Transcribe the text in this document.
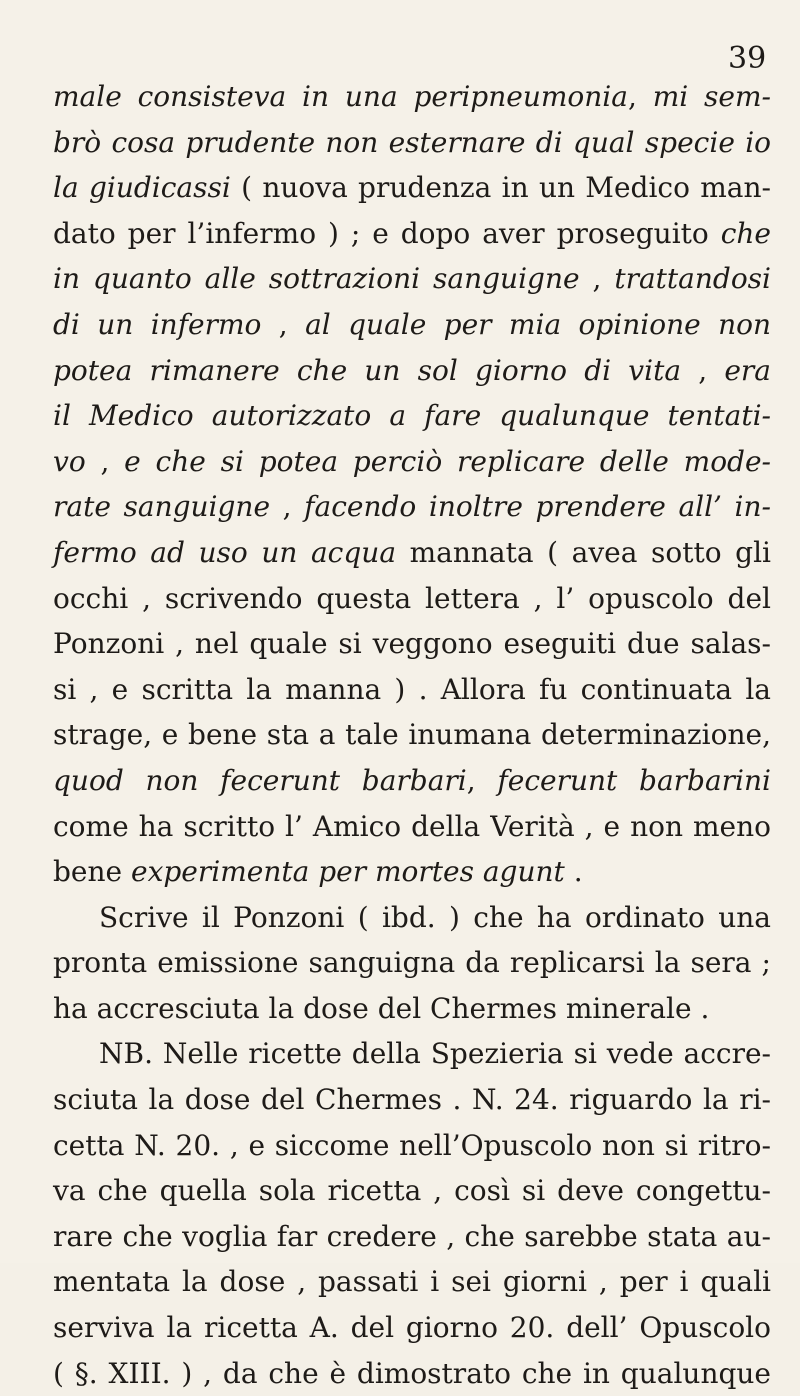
39
male consisteva in una peripneumonia, mi sem-
brò cosa prudente non esternare di qual specie io
la giudicassi ( nuova prudenza in un Medico man-
dato per l’infermo ) ; e dopo aver proseguito che
in quanto alle sottrazioni sanguigne , trattandosi
di un infermo , al quale per mia opinione non
potea rimanere che un sol giorno di vita , era
il Medico autorizzato a fare qualunque tentati-
vo , e che si potea perciò replicare delle mode-
rate sanguigne , facendo inoltre prendere all’ in-
fermo ad uso un acqua mannata ( avea sotto gli
occhi , scrivendo questa lettera , l’ opuscolo del
Ponzoni , nel quale si veggono eseguiti due salas-
si , e scritta la manna ) . Allora fu continuata la
strage, e bene sta a tale inumana determinazione,
quod non fecerunt barbari, fecerunt barbarini
come ha scritto l’ Amico della Verità , e non meno
bene experimenta per mortes agunt .
Scrive il Ponzoni ( ibd. ) che ha ordinato una
pronta emissione sanguigna da replicarsi la sera ;
ha accresciuta la dose del Chermes minerale .
NB. Nelle ricette della Spezieria si vede accre-
sciuta la dose del Chermes . N. 24. riguardo la ri-
cetta N. 20. , e siccome nell’Opuscolo non si ritro-
va che quella sola ricetta , così si deve congettu-
rare che voglia far credere , che sarebbe stata au-
mentata la dose , passati i sei giorni , per i quali
serviva la ricetta A. del giorno 20. dell’ Opuscolo
( §. XIII. ) , da che è dimostrato che in qualunque
